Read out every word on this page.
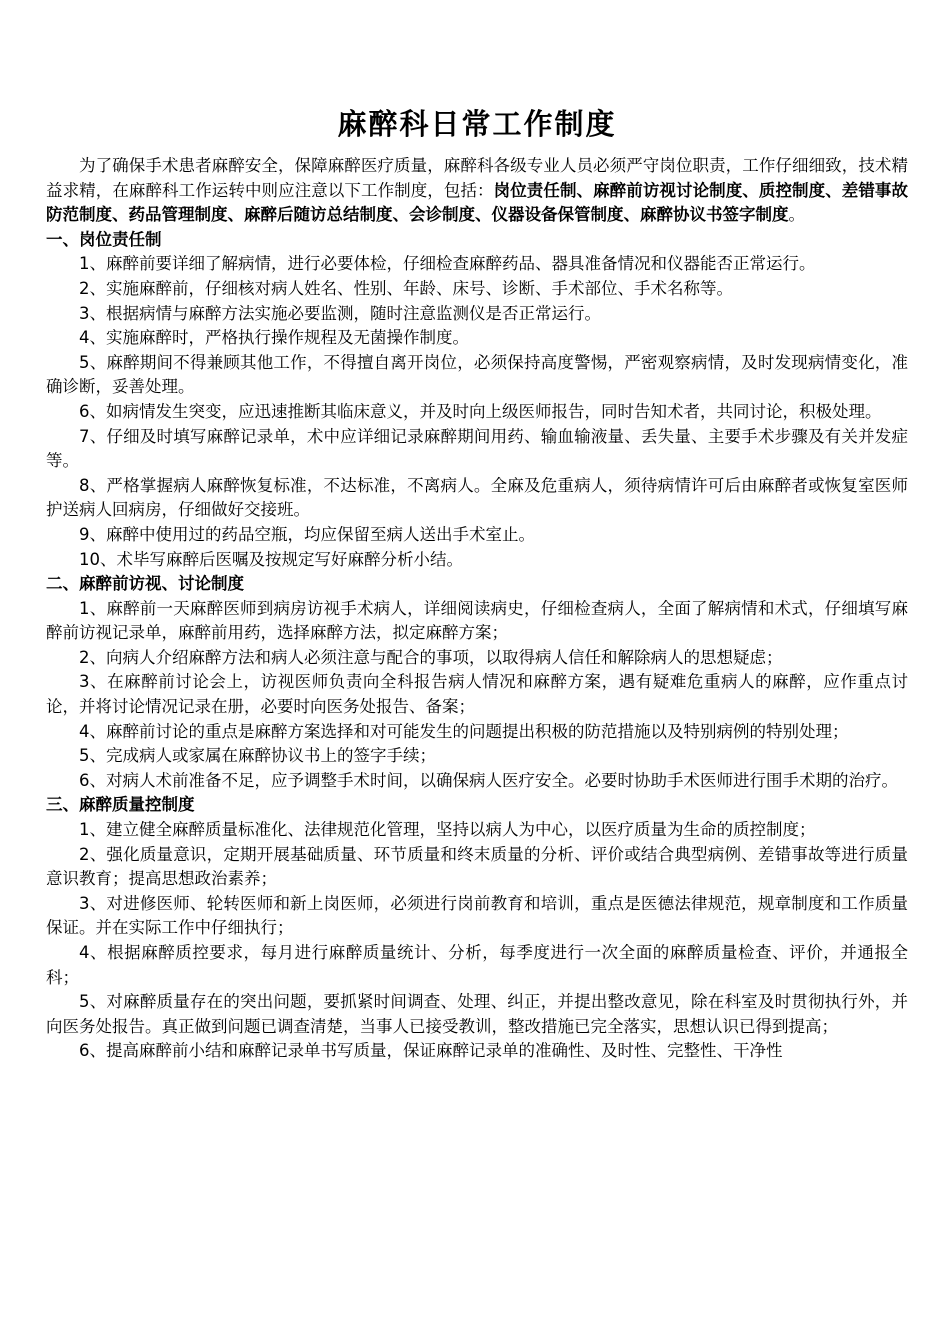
麻醉科日常工作制度

为了确保手术患者麻醉安全，保障麻醉医疗质量，麻醉科各级专业人员必须严守岗位职责，工作仔细细致，技术精益求精，在麻醉科工作运转中则应注意以下工作制度，包括：岗位责任制、麻醉前访视讨论制度、质控制度、差错事故防范制度、药品管理制度、麻醉后随访总结制度、会诊制度、仪器设备保管制度、麻醉协议书签字制度。

一、岗位责任制

1、麻醉前要详细了解病情，进行必要体检，仔细检查麻醉药品、器具准备情况和仪器能否正常运行。

2、实施麻醉前，仔细核对病人姓名、性别、年龄、床号、诊断、手术部位、手术名称等。

3、根据病情与麻醉方法实施必要监测，随时注意监测仪是否正常运行。

4、实施麻醉时，严格执行操作规程及无菌操作制度。

5、麻醉期间不得兼顾其他工作，不得擅自离开岗位，必须保持高度警惕，严密观察病情，及时发现病情变化，准确诊断，妥善处理。

6、如病情发生突变，应迅速推断其临床意义，并及时向上级医师报告，同时告知术者，共同讨论，积极处理。

7、仔细及时填写麻醉记录单，术中应详细记录麻醉期间用药、输血输液量、丢失量、主要手术步骤及有关并发症等。

8、严格掌握病人麻醉恢复标准，不达标准，不离病人。全麻及危重病人，须待病情许可后由麻醉者或恢复室医师护送病人回病房，仔细做好交接班。

9、麻醉中使用过的药品空瓶，均应保留至病人送出手术室止。

10、术毕写麻醉后医嘱及按规定写好麻醉分析小结。

二、麻醉前访视、讨论制度

1、麻醉前一天麻醉医师到病房访视手术病人，详细阅读病史，仔细检查病人，全面了解病情和术式，仔细填写麻醉前访视记录单，麻醉前用药，选择麻醉方法，拟定麻醉方案；

2、向病人介绍麻醉方法和病人必须注意与配合的事项，以取得病人信任和解除病人的思想疑虑；

3、在麻醉前讨论会上，访视医师负责向全科报告病人情况和麻醉方案，遇有疑难危重病人的麻醉，应作重点讨论，并将讨论情况记录在册，必要时向医务处报告、备案；

4、麻醉前讨论的重点是麻醉方案选择和对可能发生的问题提出积极的防范措施以及特别病例的特别处理；

5、完成病人或家属在麻醉协议书上的签字手续；

6、对病人术前准备不足，应予调整手术时间，以确保病人医疗安全。必要时协助手术医师进行围手术期的治疗。

三、麻醉质量控制度

1、建立健全麻醉质量标准化、法律规范化管理，坚持以病人为中心，以医疗质量为生命的质控制度；

2、强化质量意识，定期开展基础质量、环节质量和终末质量的分析、评价或结合典型病例、差错事故等进行质量意识教育；提高思想政治素养；

3、对进修医师、轮转医师和新上岗医师，必须进行岗前教育和培训，重点是医德法律规范，规章制度和工作质量保证。并在实际工作中仔细执行；

4、根据麻醉质控要求，每月进行麻醉质量统计、分析，每季度进行一次全面的麻醉质量检查、评价，并通报全科；

5、对麻醉质量存在的突出问题，要抓紧时间调查、处理、纠正，并提出整改意见，除在科室及时贯彻执行外，并向医务处报告。真正做到问题已调查清楚，当事人已接受教训，整改措施已完全落实，思想认识已得到提高；

6、提高麻醉前小结和麻醉记录单书写质量，保证麻醉记录单的准确性、及时性、完整性、干净性
